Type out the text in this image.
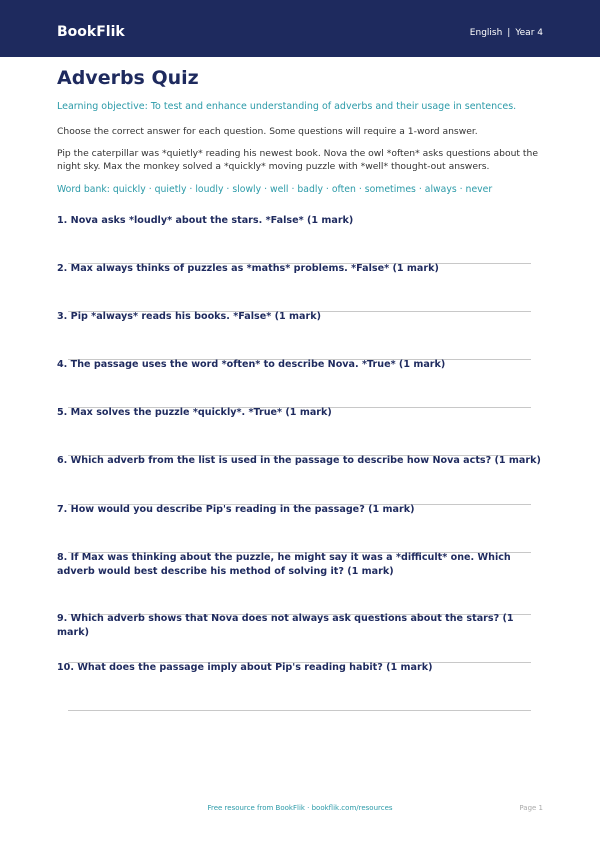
BookFlik	English | Year 4
Adverbs Quiz
Learning objective: To test and enhance understanding of adverbs and their usage in sentences.
Choose the correct answer for each question. Some questions will require a 1-word answer.
Pip the caterpillar was *quietly* reading his newest book. Nova the owl *often* asks questions about the night sky. Max the monkey solved a *quickly* moving puzzle with *well* thought-out answers.
Word bank: quickly · quietly · loudly · slowly · well · badly · often · sometimes · always · never
1. Nova asks *loudly* about the stars. *False* (1 mark)
2. Max always thinks of puzzles as *maths* problems. *False* (1 mark)
3. Pip *always* reads his books. *False* (1 mark)
4. The passage uses the word *often* to describe Nova. *True* (1 mark)
5. Max solves the puzzle *quickly*. *True* (1 mark)
6. Which adverb from the list is used in the passage to describe how Nova acts? (1 mark)
7. How would you describe Pip's reading in the passage? (1 mark)
8. If Max was thinking about the puzzle, he might say it was a *difficult* one. Which adverb would best describe his method of solving it? (1 mark)
9. Which adverb shows that Nova does not always ask questions about the stars? (1 mark)
10. What does the passage imply about Pip's reading habit? (1 mark)
Free resource from BookFlik · bookflik.com/resources	Page 1
